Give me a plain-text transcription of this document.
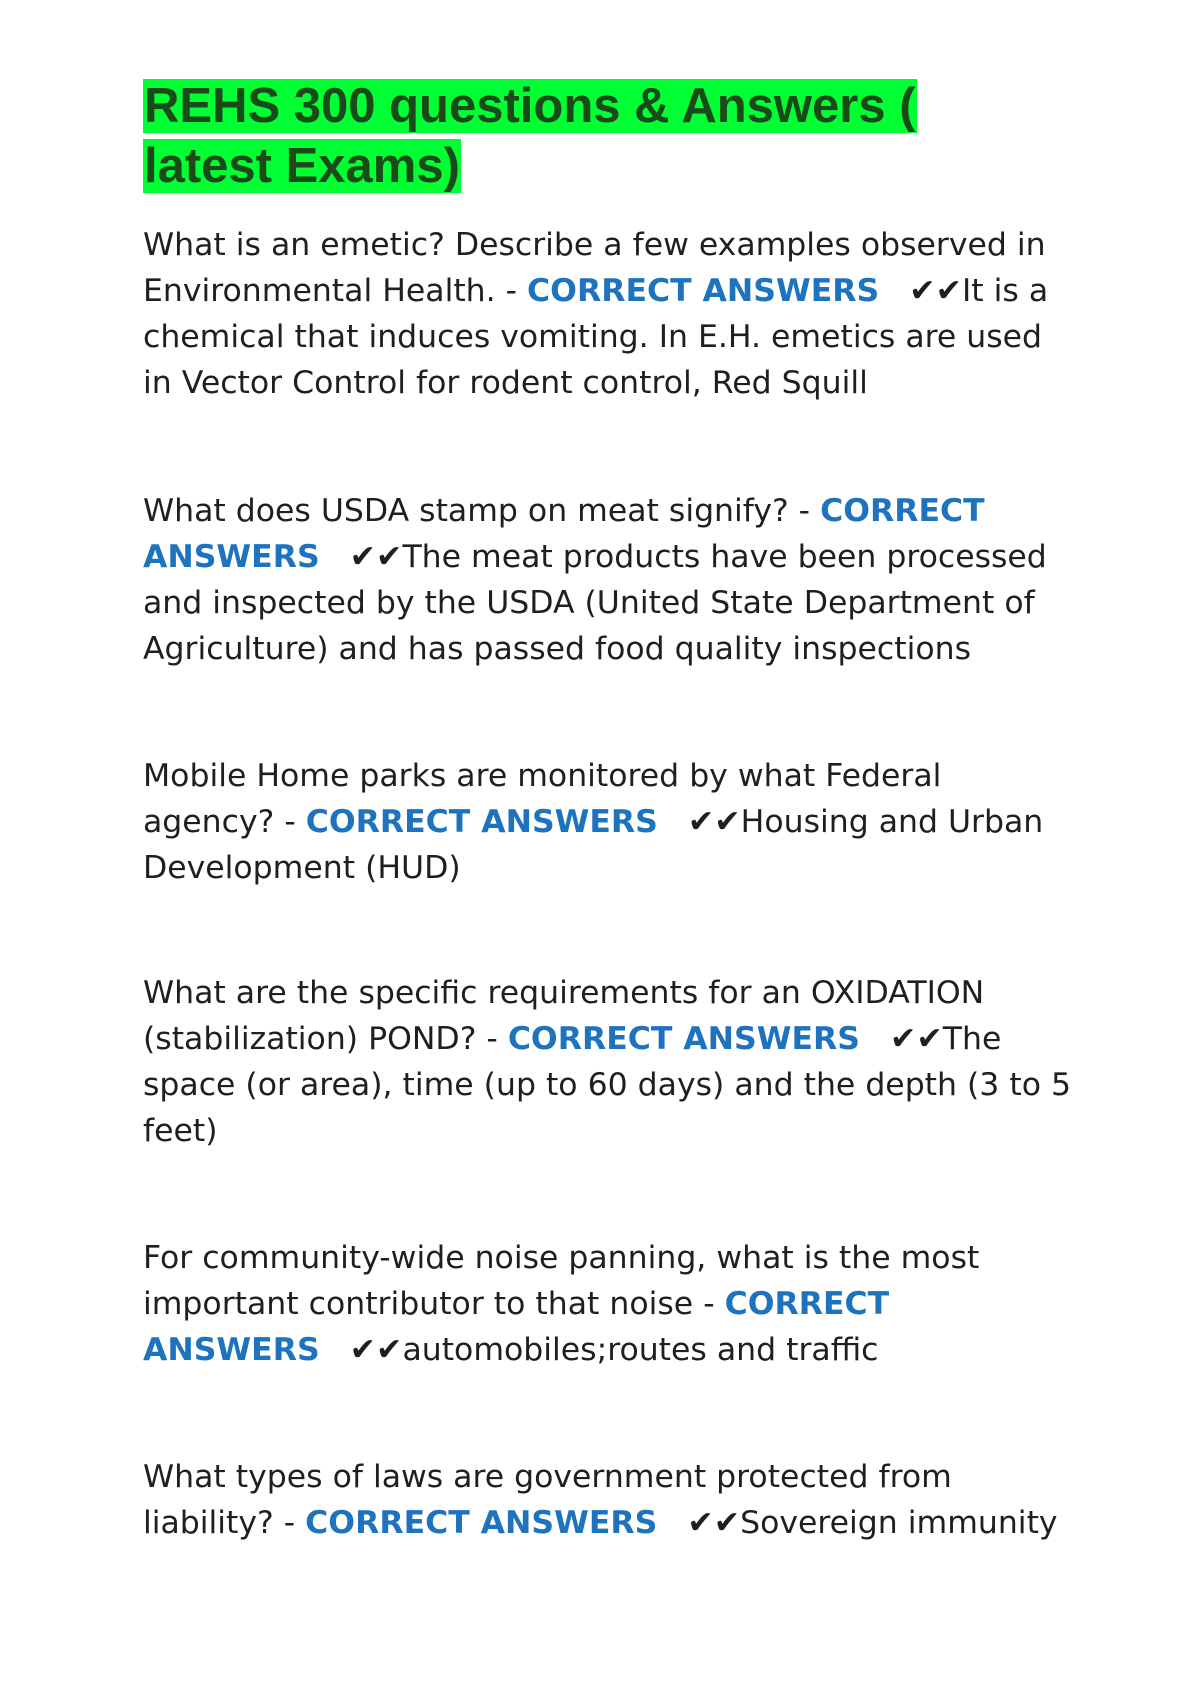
REHS 300 questions & Answers ( latest Exams)

What is an emetic? Describe a few examples observed in Environmental Health. - CORRECT ANSWERS ✔✔It is a chemical that induces vomiting. In E.H. emetics are used in Vector Control for rodent control, Red Squill

What does USDA stamp on meat signify? - CORRECT ANSWERS ✔✔The meat products have been processed and inspected by the USDA (United State Department of Agriculture) and has passed food quality inspections

Mobile Home parks are monitored by what Federal agency? - CORRECT ANSWERS ✔✔Housing and Urban Development (HUD)

What are the specific requirements for an OXIDATION (stabilization) POND? - CORRECT ANSWERS ✔✔The space (or area), time (up to 60 days) and the depth (3 to 5 feet)

For community-wide noise panning, what is the most important contributor to that noise - CORRECT ANSWERS ✔✔automobiles;routes and traffic

What types of laws are government protected from liability? - CORRECT ANSWERS ✔✔Sovereign immunity
